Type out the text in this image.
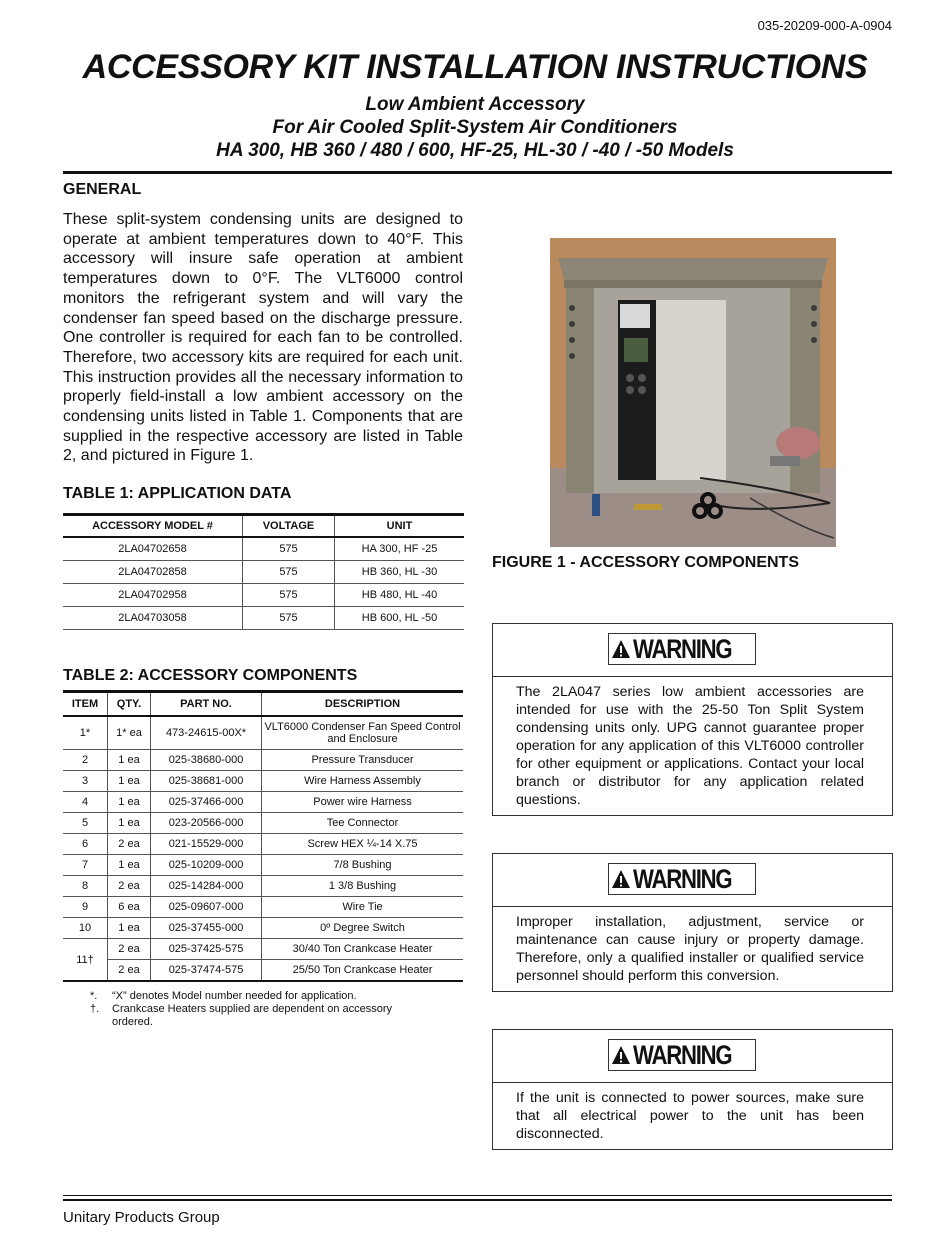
035-20209-000-A-0904
ACCESSORY KIT INSTALLATION INSTRUCTIONS
Low Ambient Accessory
For Air Cooled Split-System Air Conditioners
HA 300, HB 360 / 480 / 600, HF-25, HL-30 / -40 / -50 Models
GENERAL
These split-system condensing units are designed to operate at ambient temperatures down to 40°F. This accessory will insure safe operation at ambient temperatures down to 0°F. The VLT6000 control monitors the refrigerant system and will vary the condenser fan speed based on the discharge pressure. One controller is required for each fan to be controlled. Therefore, two accessory kits are required for each unit. This instruction provides all the necessary information to properly field-install a low ambient accessory on the condensing units listed in Table 1. Components that are supplied in the respective accessory are listed in Table 2, and pictured in Figure 1.
TABLE 1: APPLICATION DATA
ACCESSORY MODEL #	VOLTAGE	UNIT
2LA04702658	575	HA 300, HF -25
2LA04702858	575	HB 360, HL -30
2LA04702958	575	HB 480, HL -40
2LA04703058	575	HB 600, HL -50
TABLE 2: ACCESSORY COMPONENTS
ITEM	QTY.	PART NO.	DESCRIPTION
1*	1* ea	473-24615-00X*	VLT6000 Condenser Fan Speed Control and Enclosure
2	1 ea	025-38680-000	Pressure Transducer
3	1 ea	025-38681-000	Wire Harness Assembly
4	1 ea	025-37466-000	Power wire Harness
5	1 ea	023-20566-000	Tee Connector
6	2 ea	021-15529-000	Screw HEX ¼-14 X.75
7	1 ea	025-10209-000	7/8 Bushing
8	2 ea	025-14284-000	1 3/8 Bushing
9	6 ea	025-09607-000	Wire Tie
10	1 ea	025-37455-000	0º Degree Switch
11†	2 ea	025-37425-575	30/40 Ton Crankcase Heater
	2 ea	025-37474-575	25/50 Ton Crankcase Heater
*.	“X” denotes Model number needed for application.
†.	Crankcase Heaters supplied are dependent on accessory ordered.
FIGURE 1 - ACCESSORY COMPONENTS
WARNING
The 2LA047 series low ambient accessories are intended for use with the 25-50 Ton Split System condensing units only. UPG cannot guarantee proper operation for any application of this VLT6000 controller for other equipment or applications. Contact your local branch or distributor for any application related questions.
WARNING
Improper installation, adjustment, service or maintenance can cause injury or property damage. Therefore, only a qualified installer or qualified service personnel should perform this conversion.
WARNING
If the unit is connected to power sources, make sure that all electrical power to the unit has been disconnected.
Unitary Products Group
